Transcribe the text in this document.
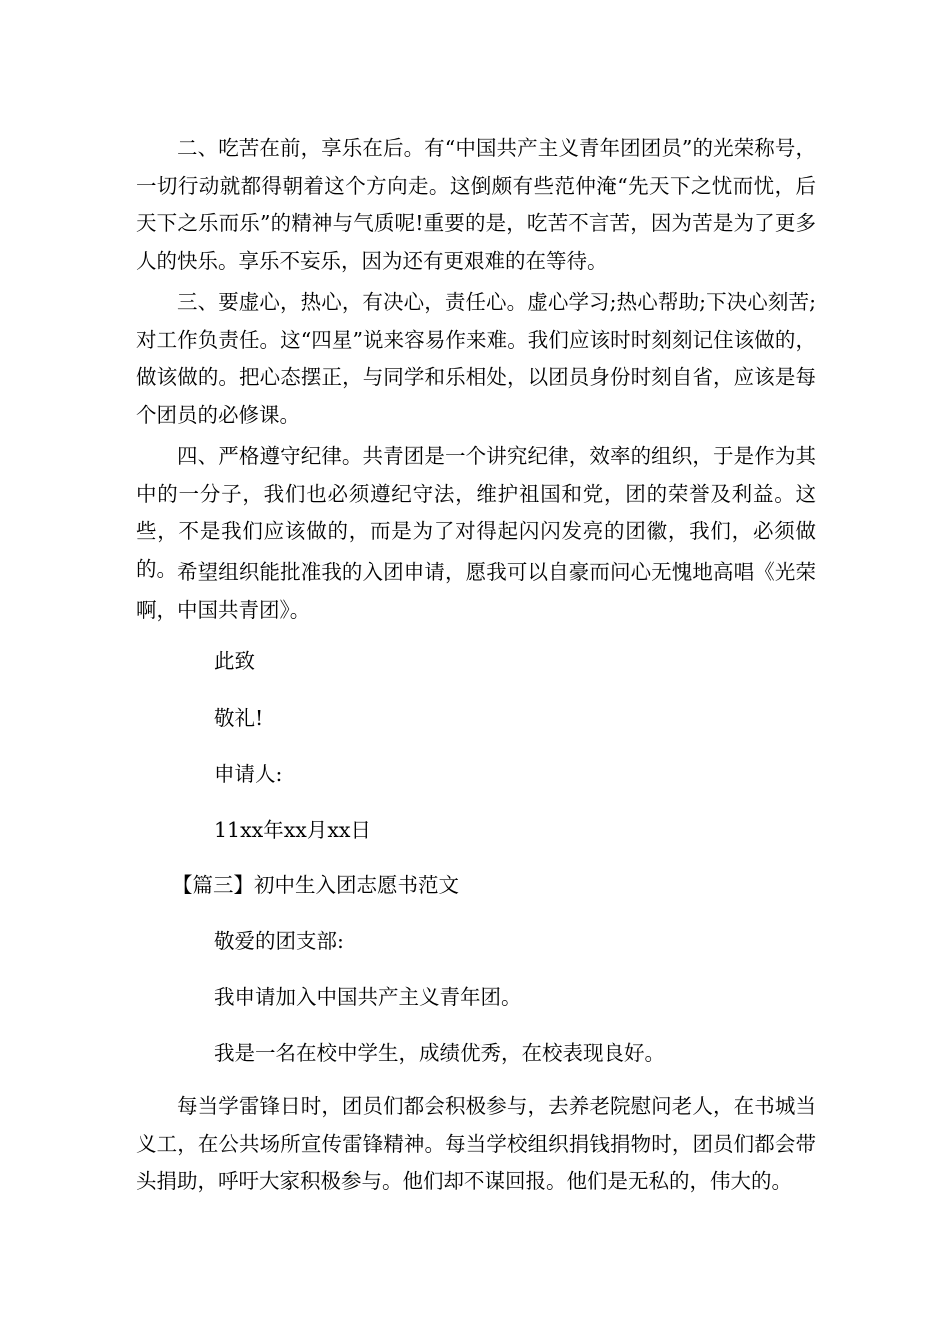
二、吃苦在前，享乐在后。有“中国共产主义青年团团员”的光荣称号，一切行动就都得朝着这个方向走。这倒颇有些范仲淹“先天下之忧而忧，后天下之乐而乐”的精神与气质呢!重要的是，吃苦不言苦，因为苦是为了更多人的快乐。享乐不妄乐，因为还有更艰难的在等待。

三、要虚心，热心，有决心，责任心。虚心学习;热心帮助;下决心刻苦;对工作负责任。这“四星”说来容易作来难。我们应该时时刻刻记住该做的，做该做的。把心态摆正，与同学和乐相处，以团员身份时刻自省，应该是每个团员的必修课。

四、严格遵守纪律。共青团是一个讲究纪律，效率的组织，于是作为其中的一分子，我们也必须遵纪守法，维护祖国和党，团的荣誉及利益。这些，不是我们应该做的，而是为了对得起闪闪发亮的团徽，我们，必须做的。 希望组织能批准我的入团申请，愿我可以自豪而问心无愧地高唱《光荣啊，中国共青团》。

此致

敬礼!

申请人:

11xx年xx月xx日

【篇三】初中生入团志愿书范文

敬爱的团支部:

我申请加入中国共产主义青年团。

我是一名在校中学生，成绩优秀，在校表现良好。

每当学雷锋日时，团员们都会积极参与，去养老院慰问老人，在书城当义工，在公共场所宣传雷锋精神。每当学校组织捐钱捐物时，团员们都会带头捐助，呼吁大家积极参与。他们却不谋回报。他们是无私的，伟大的。
